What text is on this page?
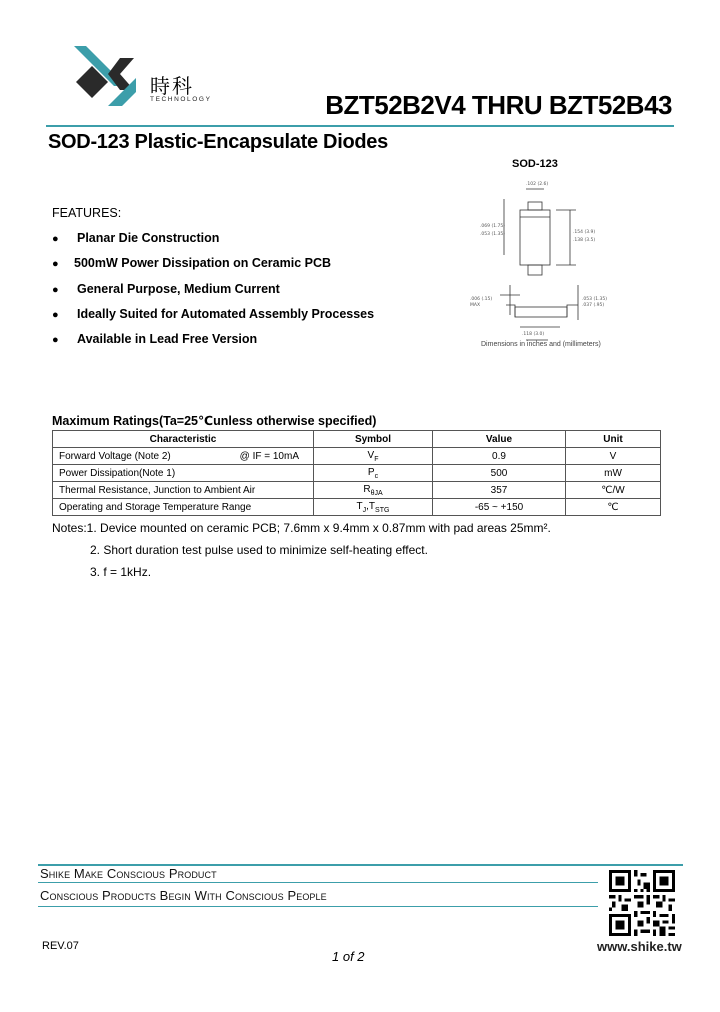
時科
TECHNOLOGY	BZT52B2V4 THRU BZT52B43
SOD-123 Plastic-Encapsulate Diodes
SOD-123
.102 (2.6)
.069 (1.75)
.053 (1.35)	.154 (3.9)
.138 (3.5)
.006 (.15)
MAX
.053 (1.35)
.037 (.95)
.118 (3.0)
Dimensions in inches and (millimeters)
FEATURES:
● Planar Die Construction
● 500mW Power Dissipation on Ceramic PCB
● General Purpose, Medium Current
● Ideally Suited for Automated Assembly Processes
● Available in Lead Free Version
Maximum Ratings(Ta=25℃unless otherwise specified)
Characteristic	Symbol	Value	Unit
Forward Voltage (Note 2) @ IF = 10mA	$V_F$	0.9	V
Power Dissipation(Note 1)	$P_c$	500	mW
Thermal Resistance, Junction to Ambient Air	$R_{\theta JA}$	357	℃/W
Operating and Storage Temperature Range	$T_J,T_{STG}$	-65 ~ +150	℃
Notes:1. Device mounted on ceramic PCB; 7.6mm x 9.4mm x 0.87mm with pad areas 25mm².
2. Short duration test pulse used to minimize self-heating effect.
3. f = 1kHz.
Shike Make Conscious Product
Conscious Products Begin With Conscious People
REV.07
1 of 2
www.shike.tw
